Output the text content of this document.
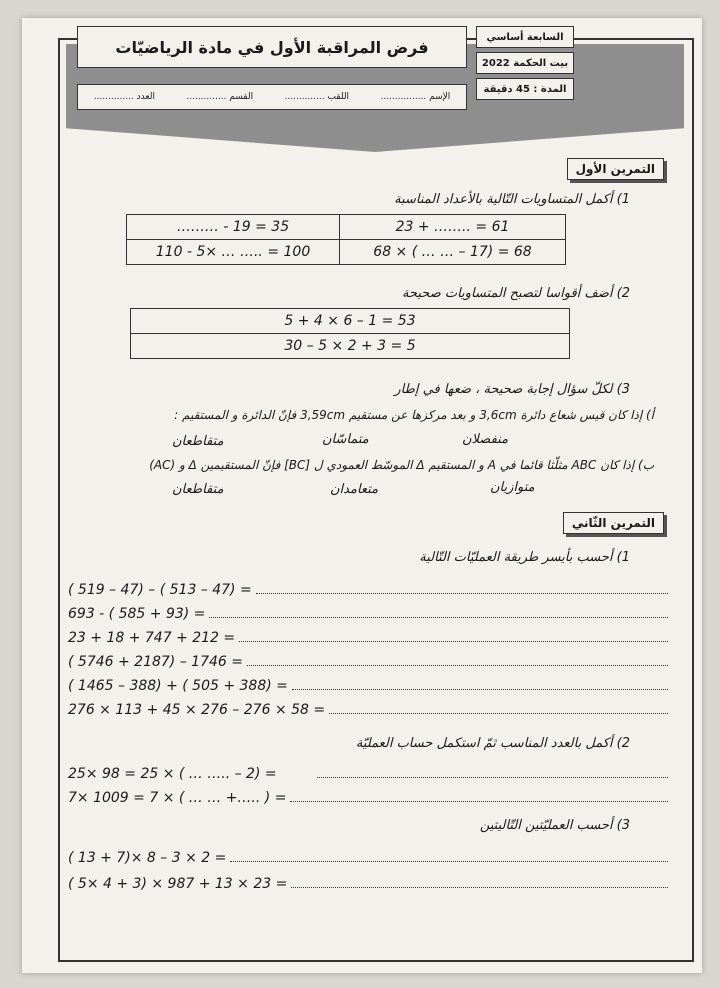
فرض المراقبة الأول في مادة الرياضيّات
الإسم ................
اللقب ..............
القسم ..............
العدد ..............
السابعة أساسي
بيت الحكمة 2022
المدة : 45 دقيقة
التمرين الأول
1) أكمل المتساويات التّالية بالأعداد المناسبة
……… - 19 = 35	23 + …….. = 61
110 - 5× … ….. = 100	68 × ( … … – 17) = 68
2) أضف أقواسا لتصبح المتساويات صحيحة
5 + 4 × 6 – 1 = 53
30 – 5 × 2 + 3 = 5
3) لكلّ سؤال إجابة صحيحة ، ضعها في إطار
أ) إذا كان قيس شعاع دائرة 3,6cm و بعد مركزها عن مستقيم 3,59cm فإنّ الدائرة و المستقيم :
منفصلان
متماسّان
متقاطعان
ب) إذا كان ABC مثلّثا قائما في A و المستقيم Δ الموسّط العمودي ل [BC] فإنّ المستقيمين Δ و (AC)
متوازيان
متعامدان
متقاطعان
التمرين الثّاني
1) أحسب بأيسر طريقة العمليّات التّالية
( 519 – 47) – ( 513 – 47) =
693 - ( 585 + 93) =
23 + 18 + 747 + 212 =
( 5746 + 2187) – 1746 =
( 1465 – 388) + ( 505 + 388) =
276 × 113 + 45 × 276 – 276 × 58 =
2) أكمل بالعدد المناسب ثمّ استكمل حساب العمليّة
25× 98 = 25 × ( … ….. – 2) =
7× 1009 = 7 × ( … … +….. ) =
3) أحسب العمليّتين التّاليتين
( 13 + 7)× 8 – 3 × 2 =
( 5× 4 + 3) × 987 + 13 × 23 =
